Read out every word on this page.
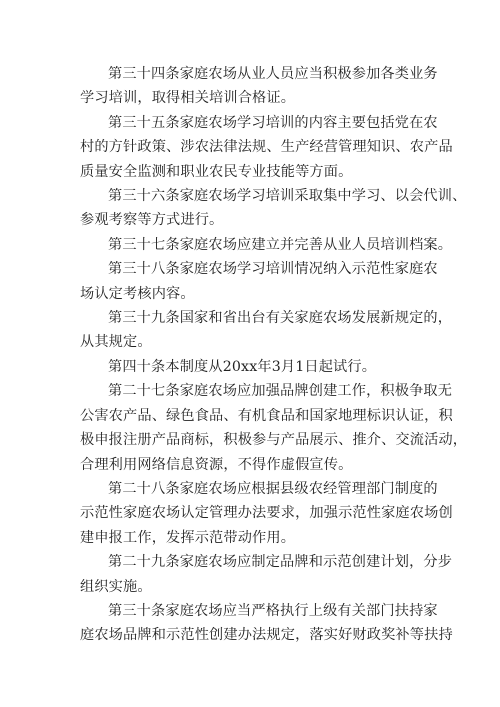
第三十四条家庭农场从业人员应当积极参加各类业务
学习培训，取得相关培训合格证。

第三十五条家庭农场学习培训的内容主要包括党在农
村的方针政策、涉农法律法规、生产经营管理知识、农产品
质量安全监测和职业农民专业技能等方面。

第三十六条家庭农场学习培训采取集中学习、以会代训、
参观考察等方式进行。

第三十七条家庭农场应建立并完善从业人员培训档案。

第三十八条家庭农场学习培训情况纳入示范性家庭农
场认定考核内容。

第三十九条国家和省出台有关家庭农场发展新规定的，
从其规定。

第四十条本制度从20xx年3月1日起试行。

第二十七条家庭农场应加强品牌创建工作，积极争取无
公害农产品、绿色食品、有机食品和国家地理标识认证，积
极申报注册产品商标，积极参与产品展示、推介、交流活动，
合理利用网络信息资源，不得作虚假宣传。

第二十八条家庭农场应根据县级农经管理部门制度的
示范性家庭农场认定管理办法要求，加强示范性家庭农场创
建申报工作，发挥示范带动作用。

第二十九条家庭农场应制定品牌和示范创建计划，分步
组织实施。

第三十条家庭农场应当严格执行上级有关部门扶持家
庭农场品牌和示范性创建办法规定，落实好财政奖补等扶持
